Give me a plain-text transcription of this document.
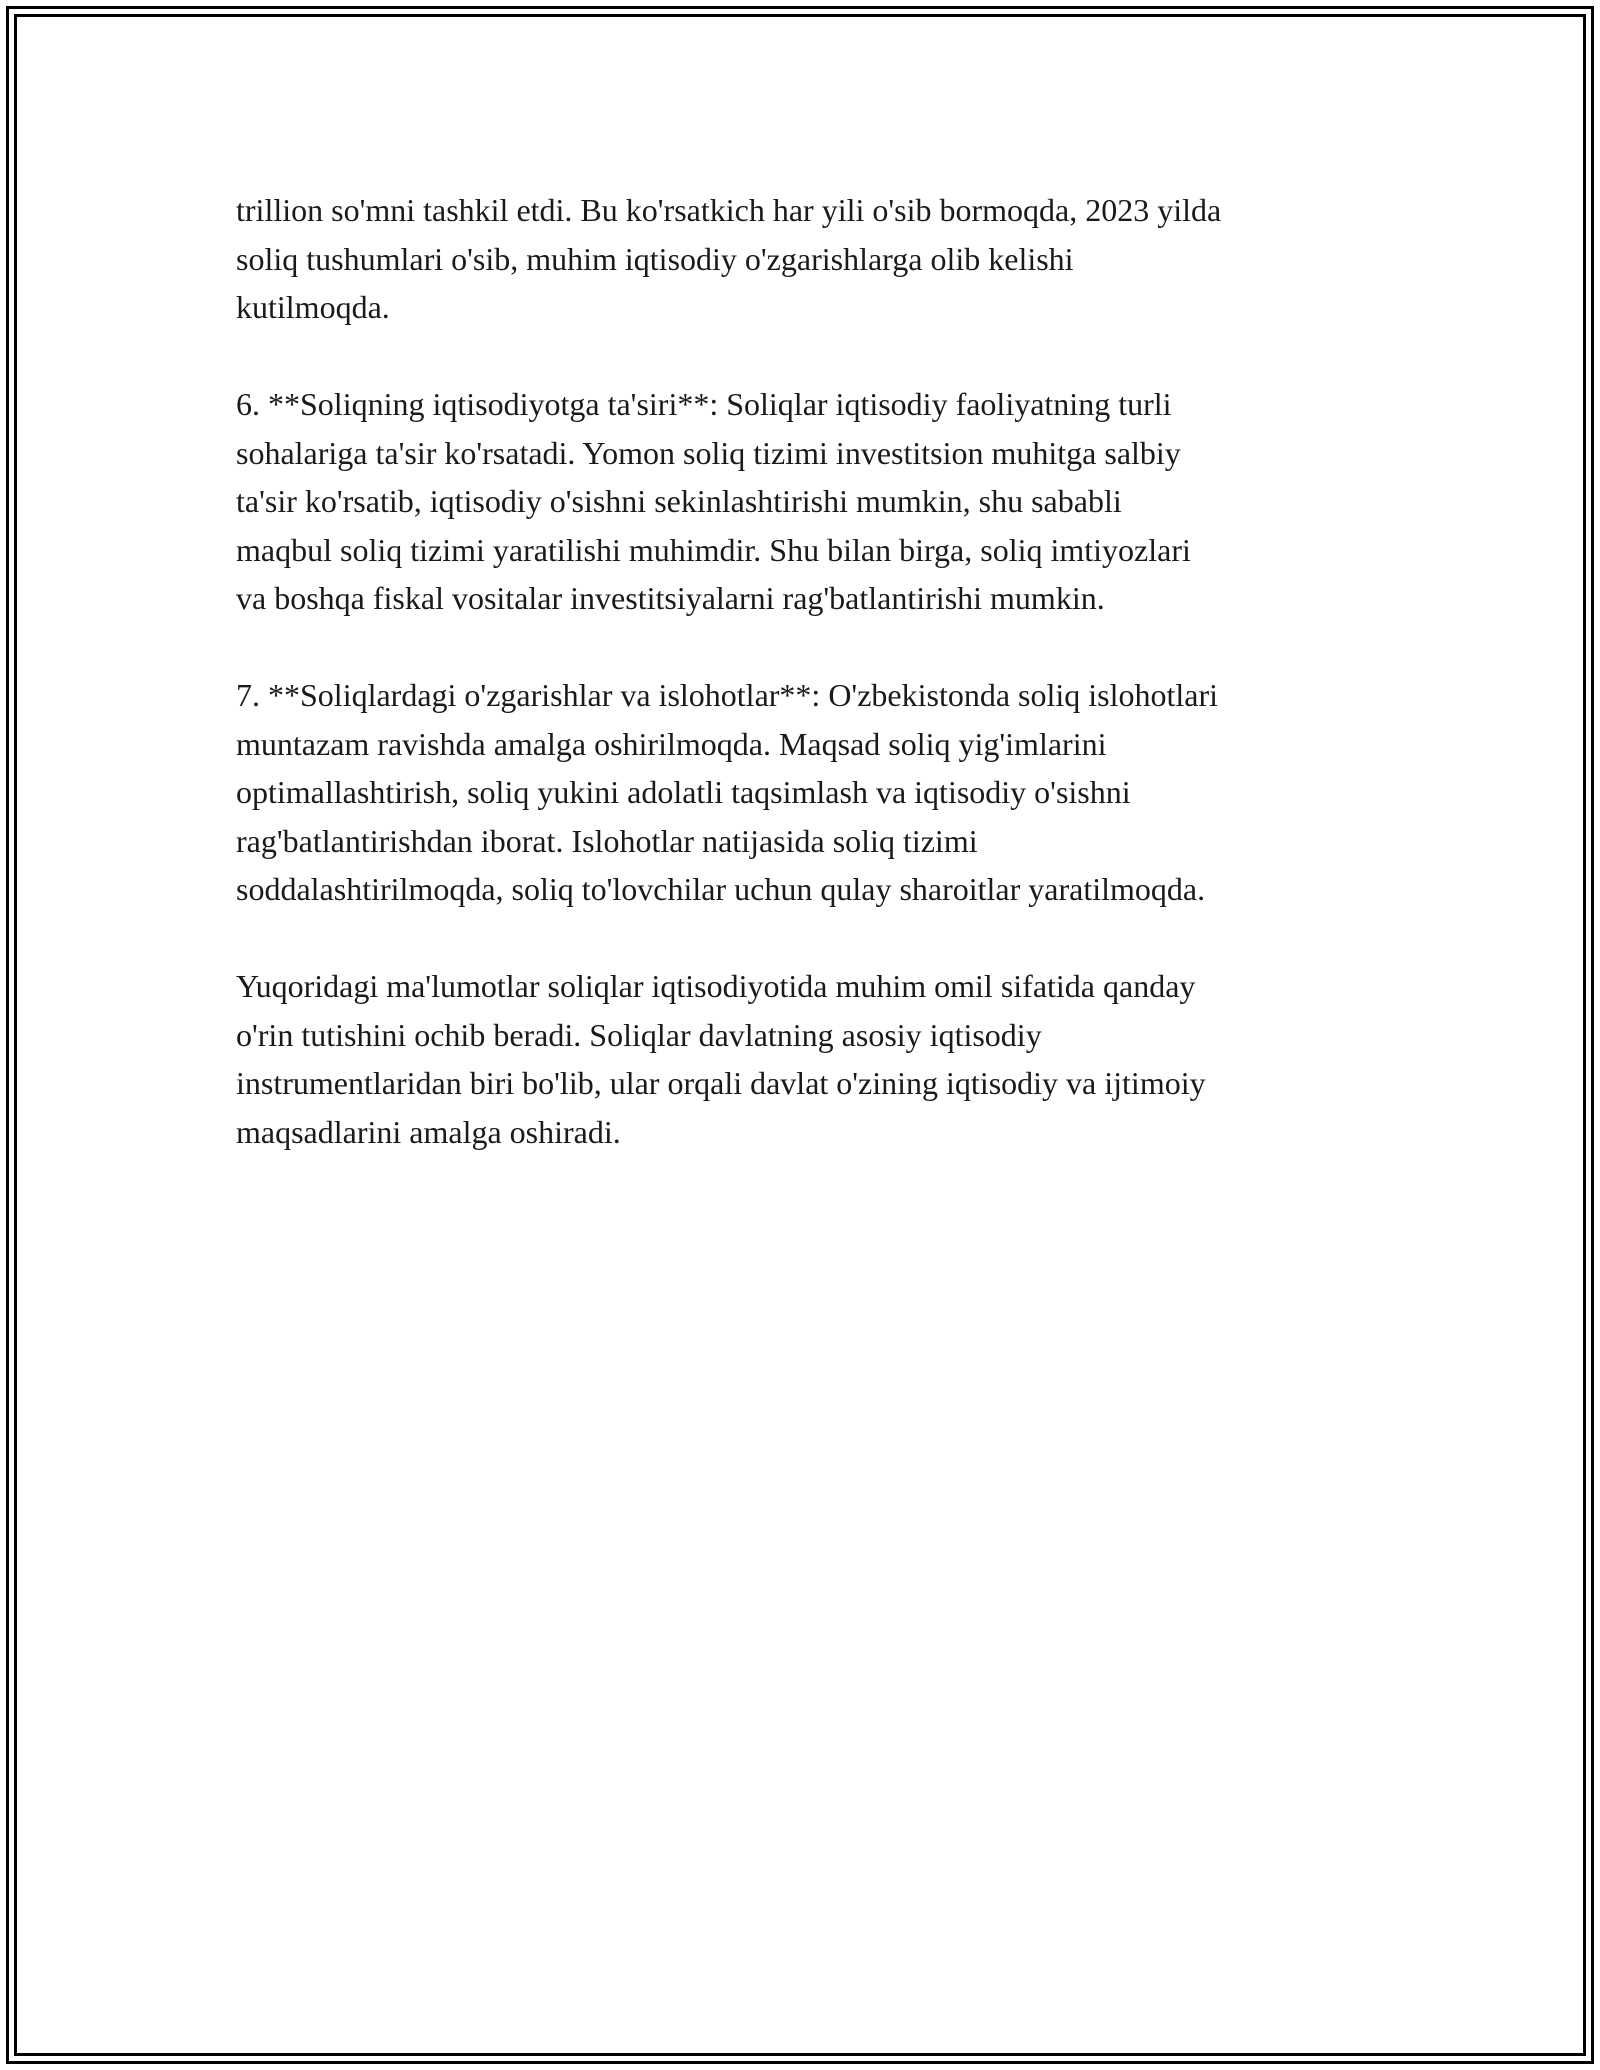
trillion so'mni tashkil etdi. Bu ko'rsatkich har yili o'sib bormoqda, 2023 yilda
soliq tushumlari o'sib, muhim iqtisodiy o'zgarishlarga olib kelishi
kutilmoqda.

6. **Soliqning iqtisodiyotga ta'siri**: Soliqlar iqtisodiy faoliyatning turli
sohalariga ta'sir ko'rsatadi. Yomon soliq tizimi investitsion muhitga salbiy
ta'sir ko'rsatib, iqtisodiy o'sishni sekinlashtirishi mumkin, shu sababli
maqbul soliq tizimi yaratilishi muhimdir. Shu bilan birga, soliq imtiyozlari
va boshqa fiskal vositalar investitsiyalarni rag'batlantirishi mumkin.

7. **Soliqlardagi o'zgarishlar va islohotlar**: O'zbekistonda soliq islohotlari
muntazam ravishda amalga oshirilmoqda. Maqsad soliq yig'imlarini
optimallashtirish, soliq yukini adolatli taqsimlash va iqtisodiy o'sishni
rag'batlantirishdan iborat. Islohotlar natijasida soliq tizimi
soddalashtirilmoqda, soliq to'lovchilar uchun qulay sharoitlar yaratilmoqda.

Yuqoridagi ma'lumotlar soliqlar iqtisodiyotida muhim omil sifatida qanday
o'rin tutishini ochib beradi. Soliqlar davlatning asosiy iqtisodiy
instrumentlaridan biri bo'lib, ular orqali davlat o'zining iqtisodiy va ijtimoiy
maqsadlarini amalga oshiradi.
